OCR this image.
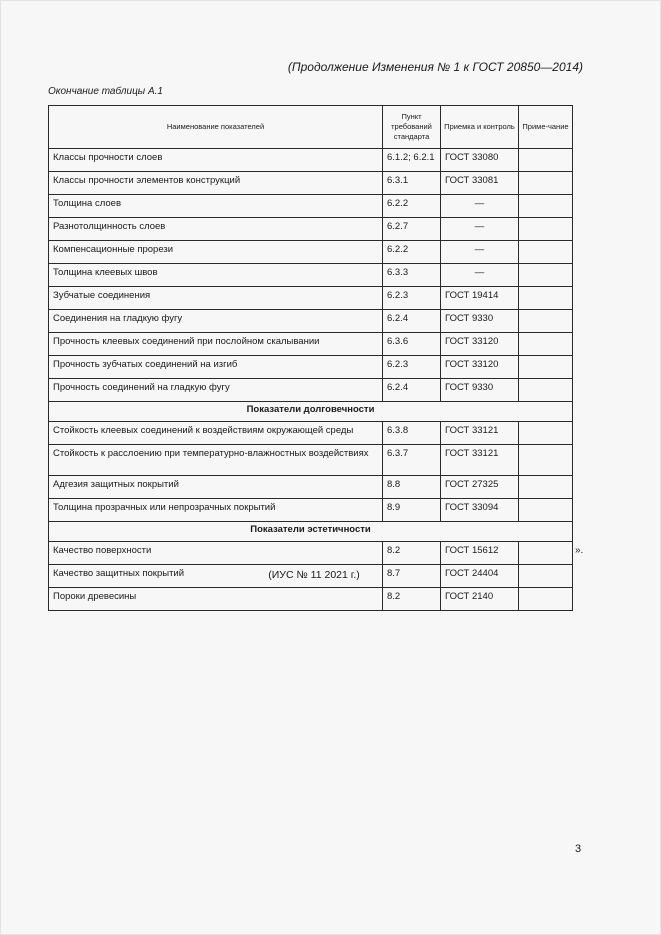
(Продолжение Изменения № 1 к ГОСТ 20850—2014)
Окончание таблицы А.1
Наименование показателей	Пункт требований стандарта	Приемка и контроль	Приме-чание
Классы прочности слоев	6.1.2; 6.2.1	ГОСТ 33080	
Классы прочности элементов конструкций	6.3.1	ГОСТ 33081	
Толщина слоев	6.2.2	—	
Разнотолщинность слоев	6.2.7	—	
Компенсационные прорези	6.2.2	—	
Толщина клеевых швов	6.3.3	—	
Зубчатые соединения	6.2.3	ГОСТ 19414	
Соединения на гладкую фугу	6.2.4	ГОСТ 9330	
Прочность клеевых соединений при послойном скалывании	6.3.6	ГОСТ 33120	
Прочность зубчатых соединений на изгиб	6.2.3	ГОСТ 33120	
Прочность соединений на гладкую фугу	6.2.4	ГОСТ 9330	
Показатели долговечности			
Стойкость клеевых соединений к воздействиям окружающей среды	6.3.8	ГОСТ 33121	
Стойкость к расслоению при температурно-влажностных воздействиях	6.3.7	ГОСТ 33121	
Адгезия защитных покрытий	8.8	ГОСТ 27325	
Толщина прозрачных или непрозрачных покрытий	8.9	ГОСТ 33094	
Показатели эстетичности			
Качество поверхности	8.2	ГОСТ 15612	
Качество защитных покрытий	8.7	ГОСТ 24404	
Пороки древесины	8.2	ГОСТ 2140	
».
(ИУС № 11 2021 г.)
3
